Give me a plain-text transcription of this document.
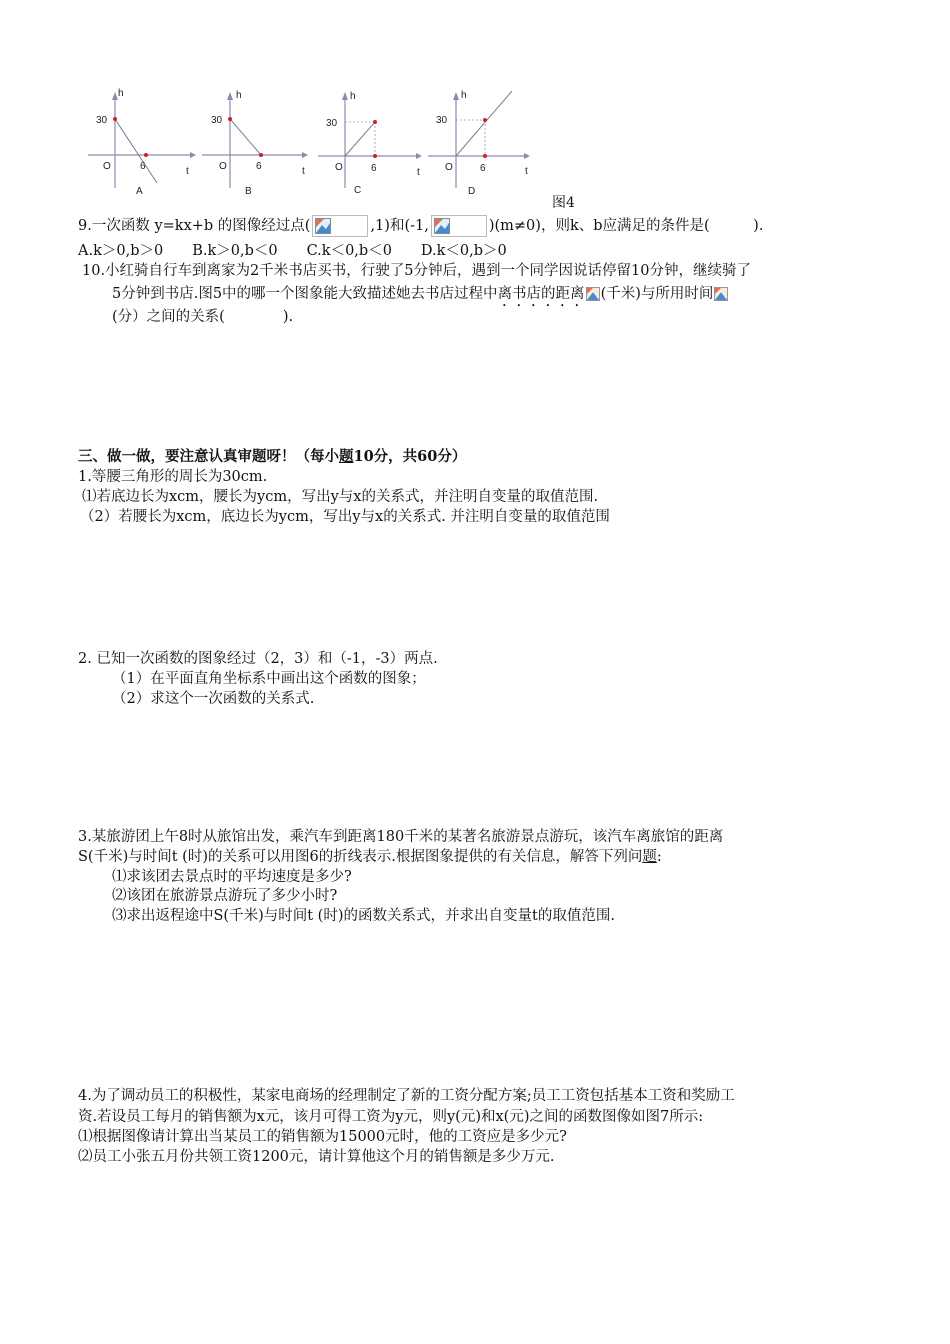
h
30
O	6	t
A
h
30
O	6	t
B
h
30
O	6	t
C
h
30
O	6	t
D
图4
9.一次函数 y=kx+b 的图像经过点(	,1)和(-1,	)(m≠0)，则k、b应满足的条件是(　　　).
A.k＞0,b＞0　　B.k＞0,b＜0　　C.k＜0,b＜0　　D.k＜0,b＞0
10.小红骑自行车到离家为2千米书店买书，行驶了5分钟后，遇到一个同学因说话停留10分钟，继续骑了
5分钟到书店.图5中的哪一个图象能大致描述她去书店过程中离书店的距离 (千米)与所用时间
(分）之间的关系(　　　　).
三、做一做，要注意认真审题呀！（每小题10分，共60分）
1.等腰三角形的周长为30cm.
⑴若底边长为xcm，腰长为ycm，写出y与x的关系式，并注明自变量的取值范围.
（2）若腰长为xcm，底边长为ycm，写出y与x的关系式. 并注明自变量的取值范围
2. 已知一次函数的图象经过（2，3）和（-1，-3）两点.
（1）在平面直角坐标系中画出这个函数的图象；
（2）求这个一次函数的关系式.
3.某旅游团上午8时从旅馆出发，乘汽车到距离180千米的某著名旅游景点游玩，该汽车离旅馆的距离
S(千米)与时间t (时)的关系可以用图6的折线表示.根据图象提供的有关信息，解答下列问题:
⑴求该团去景点时的平均速度是多少?
⑵该团在旅游景点游玩了多少小时?
⑶求出返程途中S(千米)与时间t (时)的函数关系式，并求出自变量t的取值范围.
4.为了调动员工的积极性，某家电商场的经理制定了新的工资分配方案;员工工资包括基本工资和奖励工
资.若设员工每月的销售额为x元，该月可得工资为y元，则y(元)和x(元)之间的函数图像如图7所示:
⑴根据图像请计算出当某员工的销售额为15000元时，他的工资应是多少元?
⑵员工小张五月份共领工资1200元，请计算他这个月的销售额是多少万元.
